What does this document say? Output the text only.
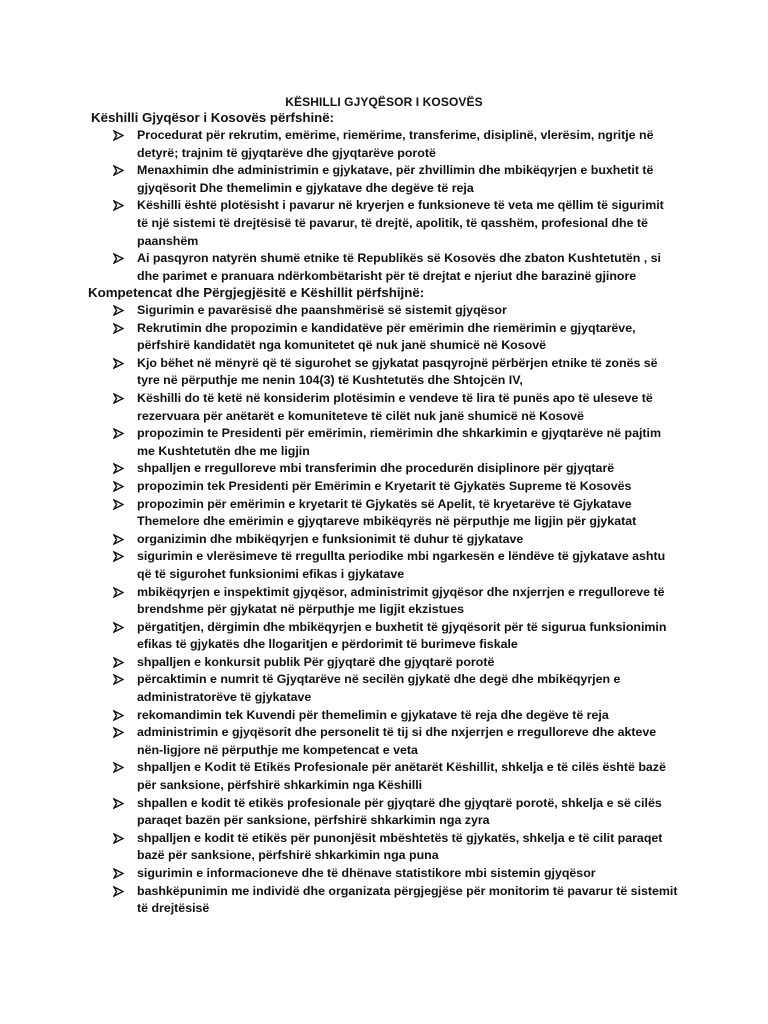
KËSHILLI GJYQËSOR I KOSOVËS
Këshilli Gjyqësor i Kosovës përfshinë:
Procedurat për rekrutim, emërime, riemërime, transferime, disiplinë, vlerësim, ngritje në detyrë; trajnim të gjyqtarëve dhe gjyqtarëve porotë
Menaxhimin dhe administrimin e gjykatave, për zhvillimin dhe mbikëqyrjen e buxhetit të gjyqësorit Dhe themelimin e gjykatave dhe degëve të reja
Këshilli është plotësisht i pavarur në kryerjen e funksioneve të veta me qëllim të sigurimit të një sistemi të drejtësisë të pavarur, të drejtë, apolitik, të qasshëm, profesional dhe të paanshëm
Ai pasqyron natyrën shumë etnike të Republikës së Kosovës dhe zbaton Kushtetutën , si dhe parimet e pranuara ndërkombëtarisht për të drejtat e njeriut dhe barazinë gjinore
Kompetencat dhe Përgjegjësitë e Këshillit përfshijnë:
Sigurimin e pavarësisë dhe paanshmërisë së sistemit gjyqësor
Rekrutimin dhe propozimin e kandidatëve për emërimin dhe riemërimin e gjyqtarëve, përfshirë kandidatët nga komunitetet që nuk janë shumicë në Kosovë
Kjo bëhet në mënyrë që të sigurohet se gjykatat pasqyrojnë përbërjen etnike të zonës së tyre në përputhje me nenin 104(3) të Kushtetutës dhe Shtojcën IV,
Këshilli do të ketë në konsiderim plotësimin e vendeve të lira të punës apo të uleseve të rezervuara për anëtarët e komuniteteve të cilët nuk janë shumicë në Kosovë
propozimin te Presidenti për emërimin, riemërimin dhe shkarkimin e gjyqtarëve në pajtim me Kushtetutën dhe me ligjin
shpalljen e rregulloreve mbi transferimin dhe procedurën disiplinore për gjyqtarë
propozimin tek Presidenti për Emërimin e Kryetarit të Gjykatës Supreme të Kosovës
propozimin për emërimin e kryetarit të Gjykatës së Apelit, të kryetarëve të Gjykatave Themelore dhe emërimin e gjyqtareve mbikëqyrës në përputhje me ligjin për gjykatat
organizimin dhe mbikëqyrjen e funksionimit të duhur të gjykatave
sigurimin e vlerësimeve të rregullta periodike mbi ngarkesën e lëndëve të gjykatave ashtu që të sigurohet funksionimi efikas i gjykatave
mbikëqyrjen e inspektimit gjyqësor, administrimit gjyqësor dhe nxjerrjen e rregulloreve të brendshme për gjykatat në përputhje me ligjit ekzistues
përgatitjen, dërgimin dhe mbikëqyrjen e buxhetit të gjyqësorit për të sigurua funksionimin efikas të gjykatës dhe llogaritjen e përdorimit të burimeve fiskale
shpalljen e konkursit publik Për gjyqtarë dhe gjyqtarë porotë
përcaktimin e numrit të Gjyqtarëve në secilën gjykatë dhe degë dhe mbikëqyrjen e administratorëve të gjykatave
rekomandimin tek Kuvendi për themelimin e gjykatave të reja dhe degëve të reja
administrimin e gjyqësorit dhe personelit të tij si dhe nxjerrjen e rregulloreve dhe akteve nën-ligjore në përputhje me kompetencat e veta
shpalljen e Kodit të Etikës Profesionale për anëtarët Këshillit, shkelja e të cilës është bazë për sanksione, përfshirë shkarkimin nga Këshilli
shpallen e kodit të etikës profesionale për gjyqtarë dhe gjyqtarë porotë, shkelja e së cilës paraqet bazën për sanksione, përfshirë shkarkimin nga zyra
shpalljen e kodit të etikës për punonjësit mbështetës të gjykatës, shkelja e të cilit paraqet bazë për sanksione, përfshirë shkarkimin nga puna
sigurimin e informacioneve dhe të dhënave statistikore mbi sistemin gjyqësor
bashkëpunimin me individë dhe organizata përgjegjëse për monitorim të pavarur të sistemit të drejtësisë
